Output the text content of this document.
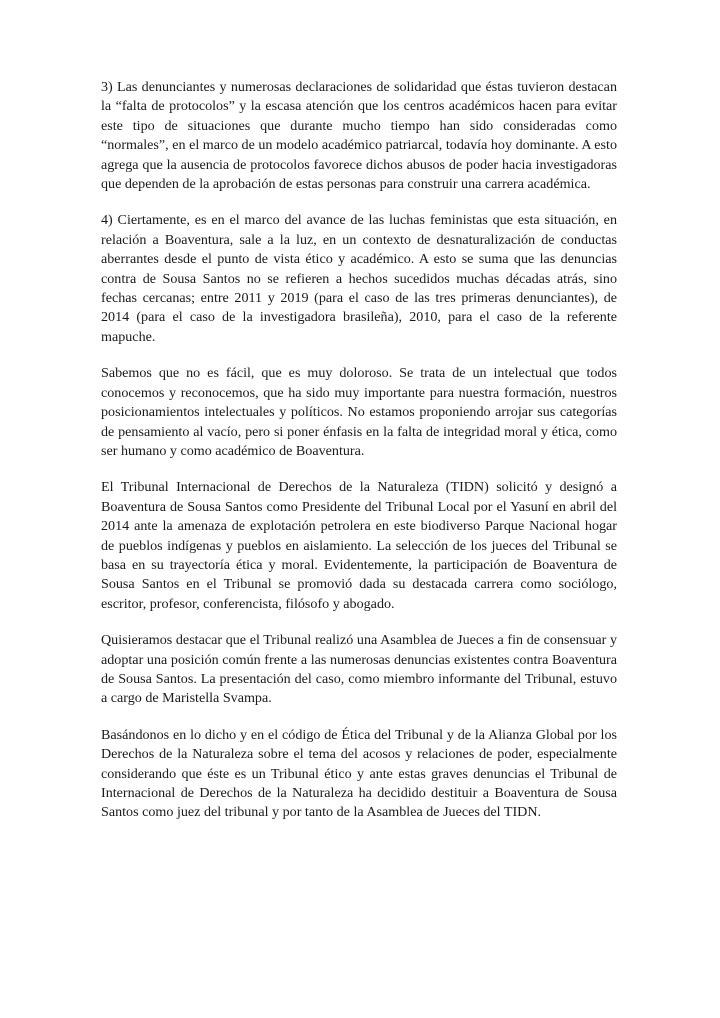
3) Las denunciantes y numerosas declaraciones de solidaridad que éstas tuvieron destacan la “falta de protocolos” y la escasa atención que los centros académicos hacen para evitar este tipo de situaciones que durante mucho tiempo han sido consideradas como “normales”, en el marco de un modelo académico patriarcal, todavía hoy dominante. A esto agrega que la ausencia de protocolos favorece dichos abusos de poder hacia investigadoras que dependen de la aprobación de estas personas para construir una carrera académica.

4) Ciertamente, es en el marco del avance de las luchas feministas que esta situación, en relación a Boaventura, sale a la luz, en un contexto de desnaturalización de conductas aberrantes desde el punto de vista ético y académico. A esto se suma que las denuncias contra de Sousa Santos no se refieren a hechos sucedidos muchas décadas atrás, sino fechas cercanas; entre 2011 y 2019 (para el caso de las tres primeras denunciantes), de 2014 (para el caso de la investigadora brasileña), 2010, para el caso de la referente mapuche.

Sabemos que no es fácil, que es muy doloroso. Se trata de un intelectual que todos conocemos y reconocemos, que ha sido muy importante para nuestra formación, nuestros posicionamientos intelectuales y políticos. No estamos proponiendo arrojar sus categorías de pensamiento al vacío, pero si poner énfasis en la falta de integridad moral y ética, como ser humano y como académico de Boaventura.

El Tribunal Internacional de Derechos de la Naturaleza (TIDN) solicitó y designó a Boaventura de Sousa Santos como Presidente del Tribunal Local por el Yasuní en abril del 2014 ante la amenaza de explotación petrolera en este biodiverso Parque Nacional hogar de pueblos indígenas y pueblos en aislamiento. La selección de los jueces del Tribunal se basa en su trayectoría ética y moral. Evidentemente, la participación de Boaventura de Sousa Santos en el Tribunal se promovió dada su destacada carrera como sociólogo, escritor, profesor, conferencista, filósofo y abogado.

Quisieramos destacar que el Tribunal realizó una Asamblea de Jueces a fin de consensuar y adoptar una posición común frente a las numerosas denuncias existentes contra Boaventura de Sousa Santos. La presentación del caso, como miembro informante del Tribunal, estuvo a cargo de Maristella Svampa.

Basándonos en lo dicho y en el código de Ética del Tribunal y de la Alianza Global por los Derechos de la Naturaleza sobre el tema del acosos y relaciones de poder, especialmente considerando que éste es un Tribunal ético y ante estas graves denuncias el Tribunal de Internacional de Derechos de la Naturaleza ha decidido destituir a Boaventura de Sousa Santos como juez del tribunal y por tanto de la Asamblea de Jueces del TIDN.
